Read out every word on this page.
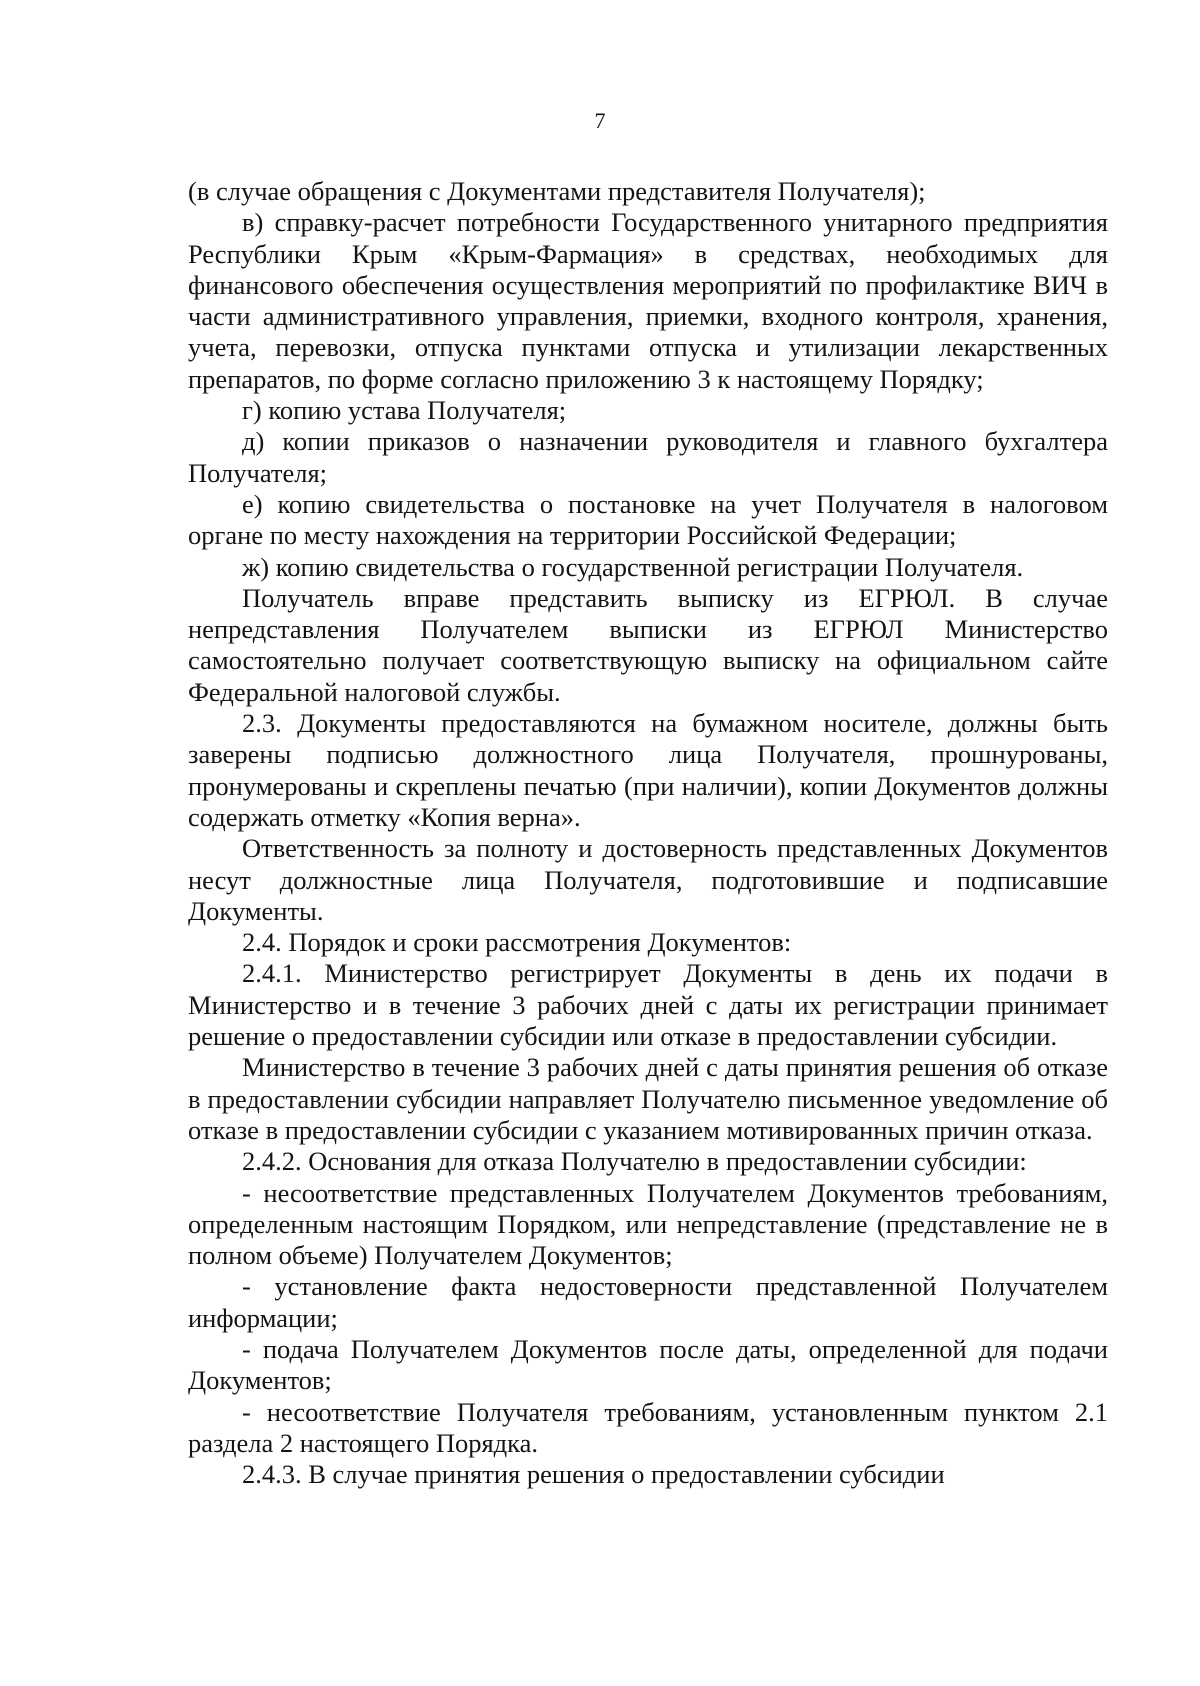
7

(в случае обращения с Документами представителя Получателя);

в) справку-расчет потребности Государственного унитарного предприятия Республики Крым «Крым-Фармация» в средствах, необходимых для финансового обеспечения осуществления мероприятий по профилактике ВИЧ в части административного управления, приемки, входного контроля, хранения, учета, перевозки, отпуска пунктами отпуска и утилизации лекарственных препаратов, по форме согласно приложению 3 к настоящему Порядку;

г) копию устава Получателя;

д) копии приказов о назначении руководителя и главного бухгалтера Получателя;

е) копию свидетельства о постановке на учет Получателя в налоговом органе по месту нахождения на территории Российской Федерации;

ж) копию свидетельства о государственной регистрации Получателя.

Получатель вправе представить выписку из ЕГРЮЛ. В случае непредставления Получателем выписки из ЕГРЮЛ Министерство самостоятельно получает соответствующую выписку на официальном сайте Федеральной налоговой службы.

2.3. Документы предоставляются на бумажном носителе, должны быть заверены подписью должностного лица Получателя, прошнурованы, пронумерованы и скреплены печатью (при наличии), копии Документов должны содержать отметку «Копия верна».

Ответственность за полноту и достоверность представленных Документов несут должностные лица Получателя, подготовившие и подписавшие Документы.

2.4. Порядок и сроки рассмотрения Документов:

2.4.1. Министерство регистрирует Документы в день их подачи в Министерство и в течение 3 рабочих дней с даты их регистрации принимает решение о предоставлении субсидии или отказе в предоставлении субсидии.

Министерство в течение 3 рабочих дней с даты принятия решения об отказе в предоставлении субсидии направляет Получателю письменное уведомление об отказе в предоставлении субсидии с указанием мотивированных причин отказа.

2.4.2. Основания для отказа Получателю в предоставлении субсидии:

- несоответствие представленных Получателем Документов требованиям, определенным настоящим Порядком, или непредставление (представление не в полном объеме) Получателем Документов;

- установление факта недостоверности представленной Получателем информации;

- подача Получателем Документов после даты, определенной для подачи Документов;

- несоответствие Получателя требованиям, установленным пунктом 2.1 раздела 2 настоящего Порядка.

2.4.3. В случае принятия решения о предоставлении субсидии
